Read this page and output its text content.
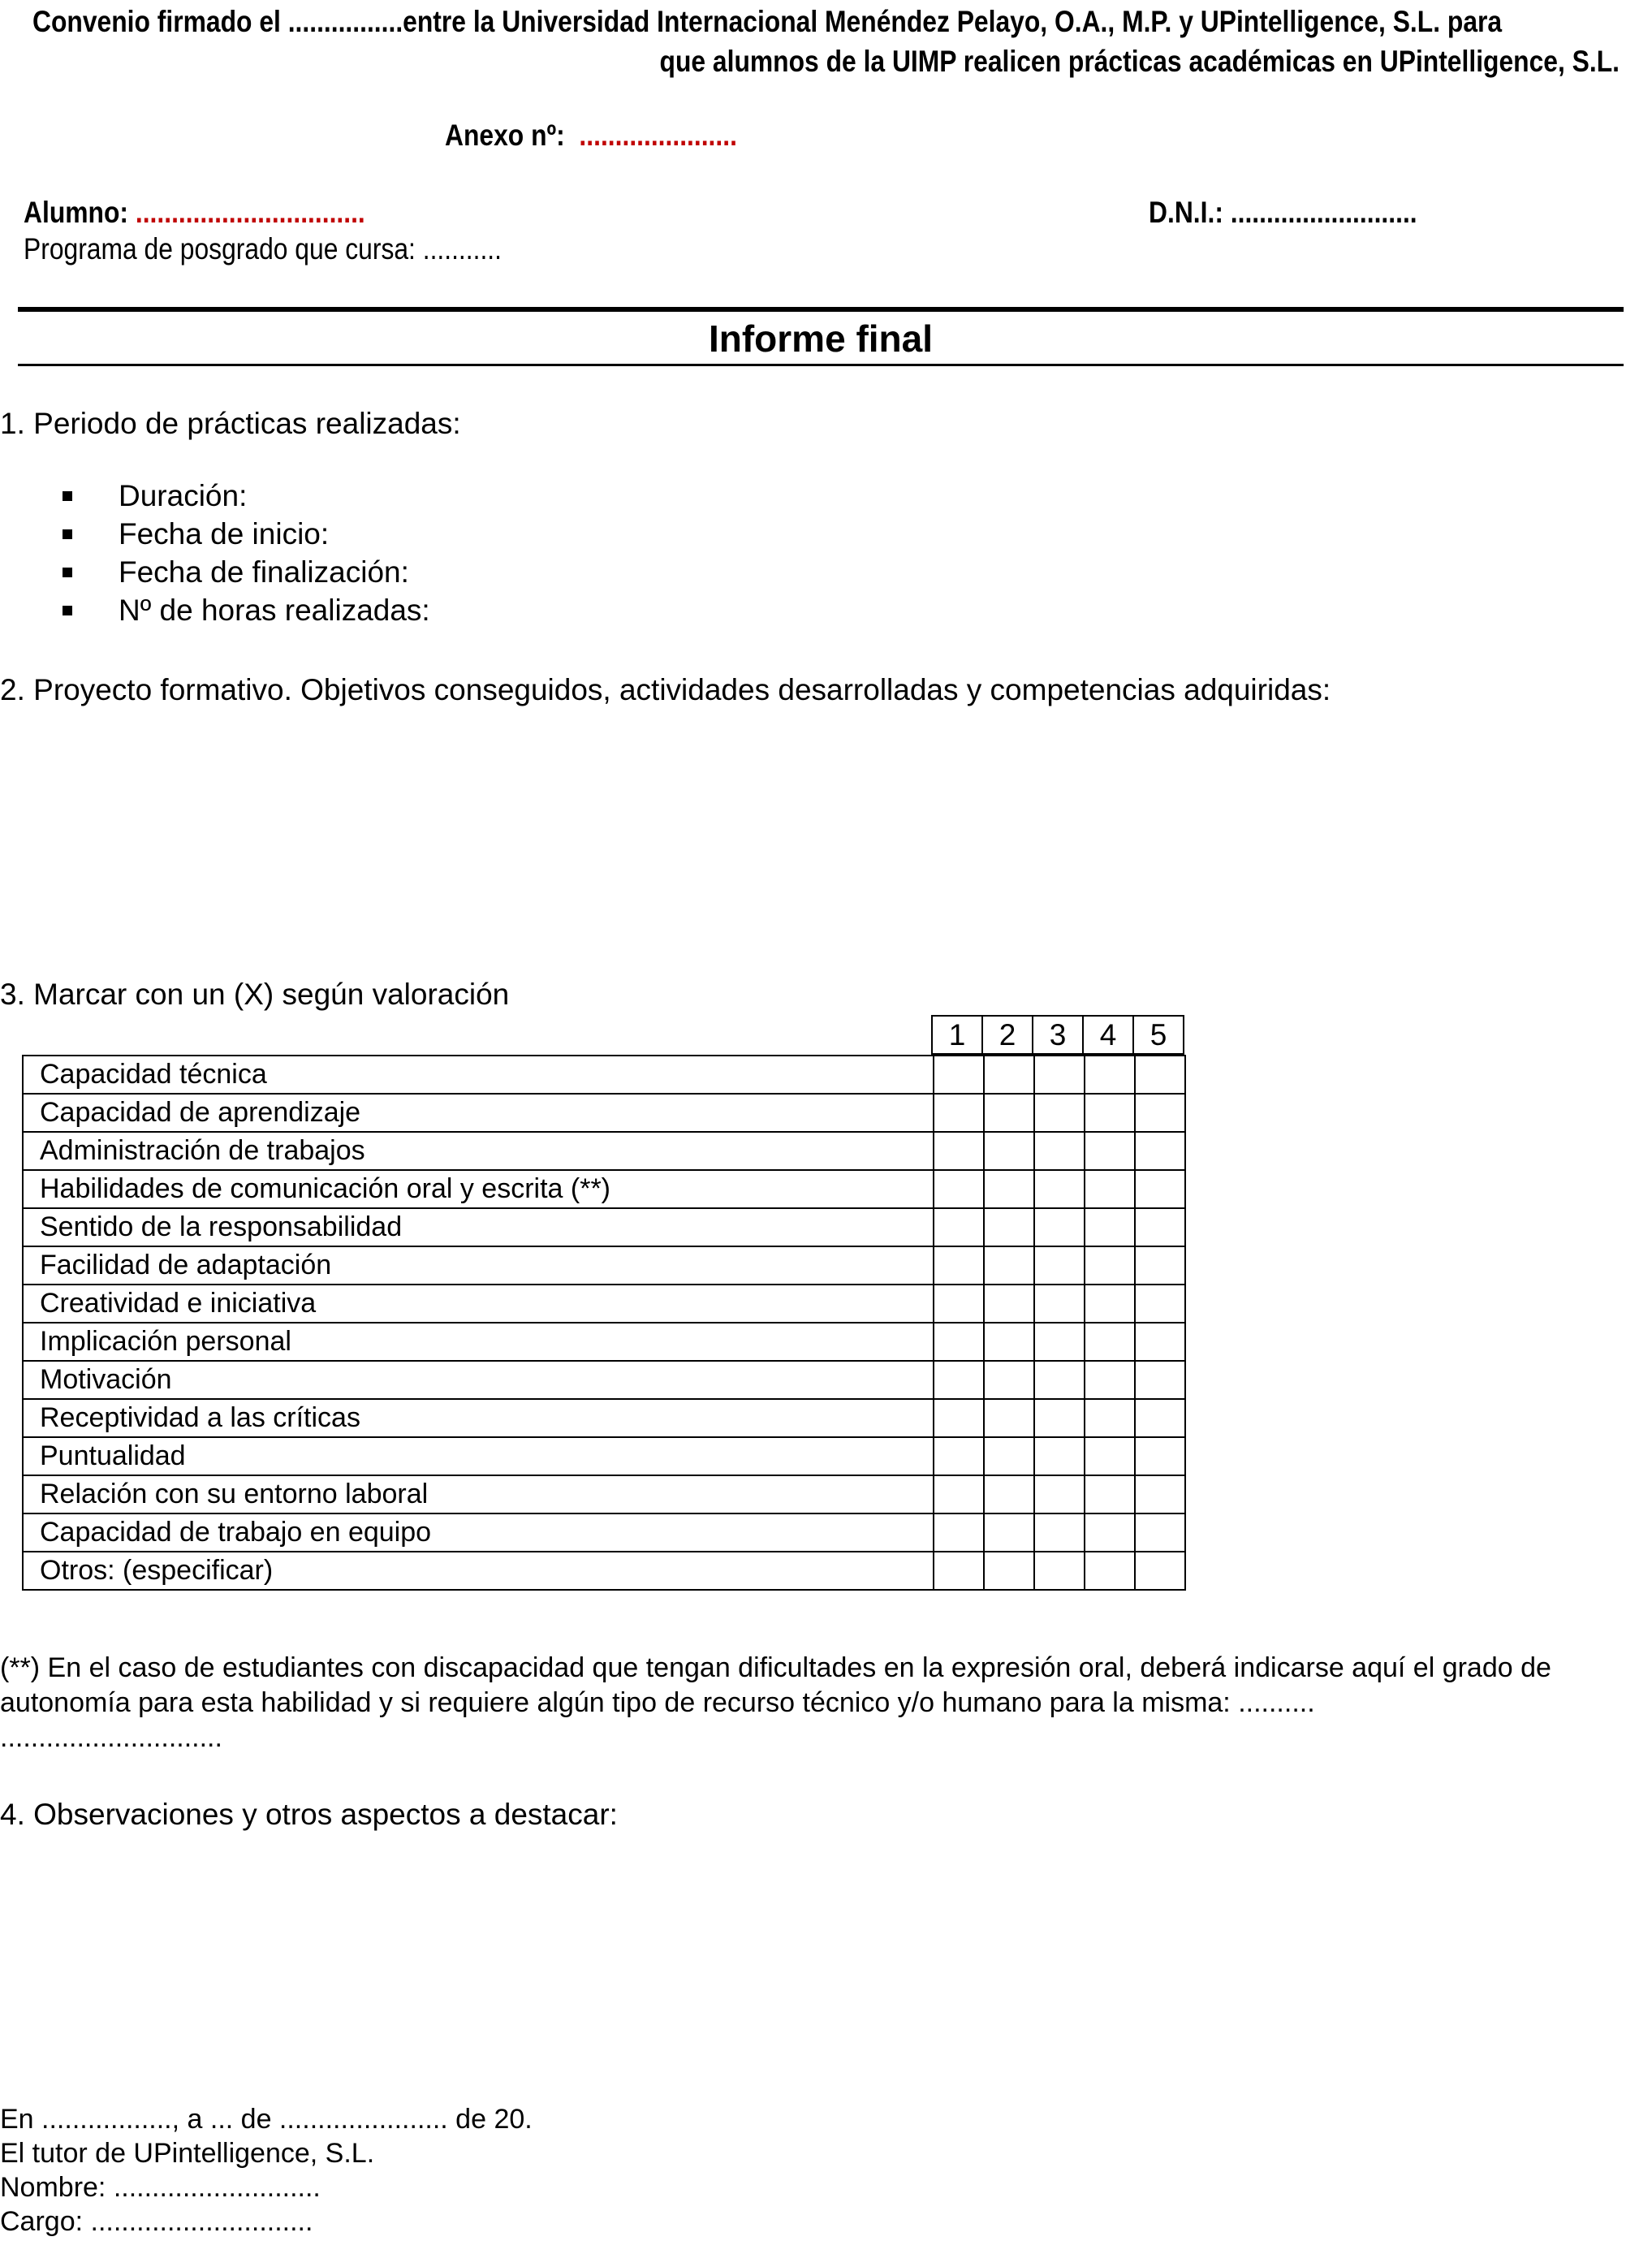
Convenio firmado el ................entre la Universidad Internacional Menéndez Pelayo, O.A., M.P. y UPintelligence, S.L. para
que alumnos de la UIMP realicen prácticas académicas en UPintelligence, S.L.
Anexo nº: ......................
Alumno: ................................	D.N.I.: ..........................
Programa de posgrado que cursa: ...........
Informe final
1. Periodo de prácticas realizadas:
Duración:
Fecha de inicio:
Fecha de finalización:
Nº de horas realizadas:
2. Proyecto formativo. Objetivos conseguidos, actividades desarrolladas y competencias adquiridas:
3. Marcar con un (X) según valoración
1	2	3	4	5
Capacidad técnica					
Capacidad de aprendizaje					
Administración de trabajos					
Habilidades de comunicación oral y escrita (**)					
Sentido de la responsabilidad					
Facilidad de adaptación					
Creatividad e iniciativa					
Implicación personal					
Motivación					
Receptividad a las críticas					
Puntualidad					
Relación con su entorno laboral					
Capacidad de trabajo en equipo					
Otros: (especificar)					
(**) En el caso de estudiantes con discapacidad que tengan dificultades en la expresión oral, deberá indicarse aquí el grado de autonomía para esta habilidad y si requiere algún tipo de recurso técnico y/o humano para la misma: ..........
.............................
4. Observaciones y otros aspectos a destacar:
En ................., a ... de ...................... de 20.
El tutor de UPintelligence, S.L.
Nombre: ...........................
Cargo: .............................
